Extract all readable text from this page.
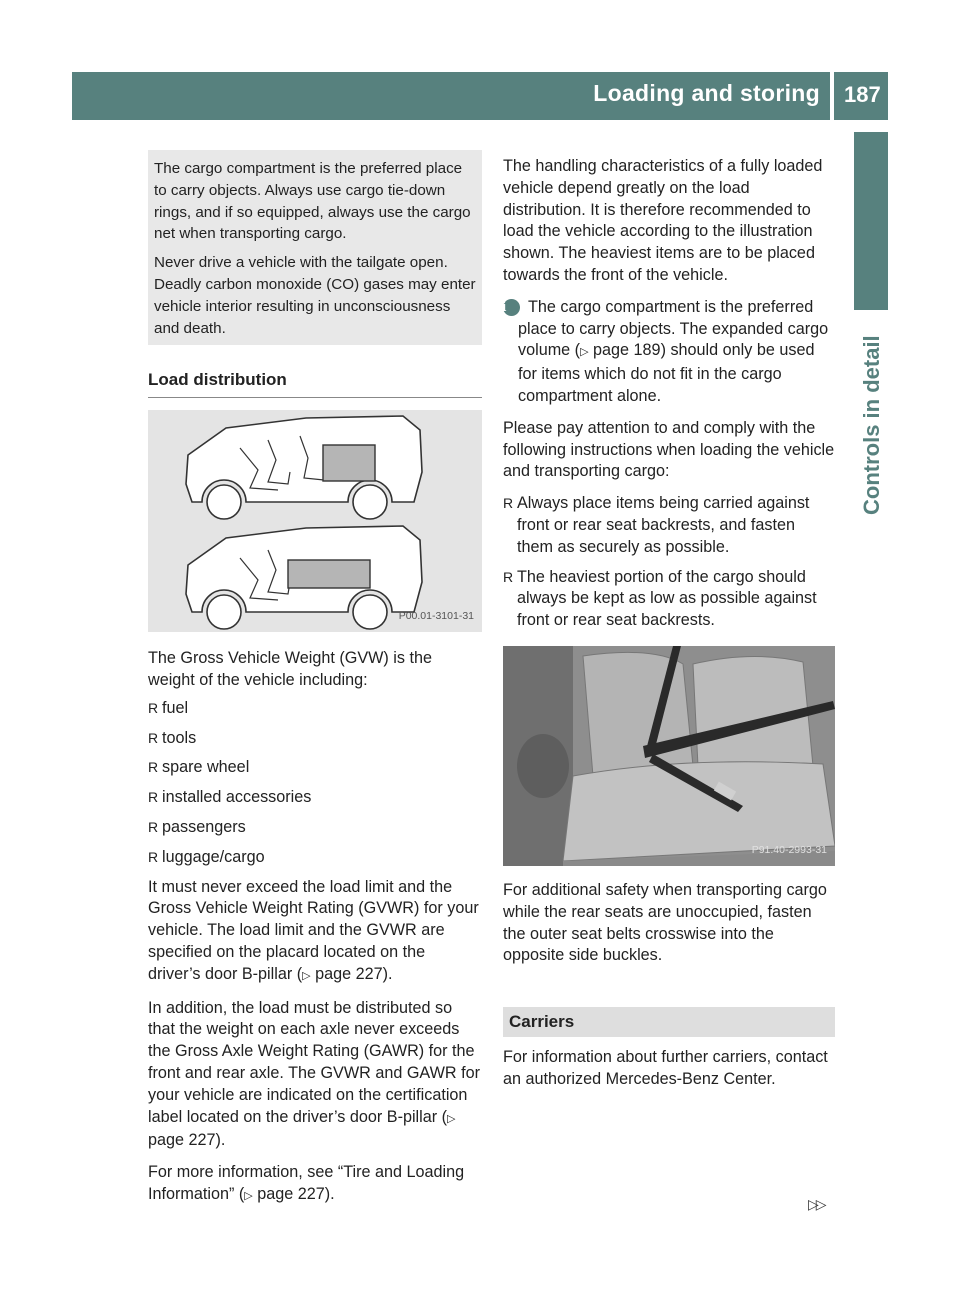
Loading and storing 187
Controls in detail

The cargo compartment is the preferred place to carry objects. Always use cargo tie-down rings, and if so equipped, always use the cargo net when transporting cargo.

Never drive a vehicle with the tailgate open. Deadly carbon monoxide (CO) gases may enter vehicle interior resulting in unconsciousness and death.

Load distribution
P00.01-3101-31

The Gross Vehicle Weight (GVW) is the weight of the vehicle including:

R fuel
R tools
R spare wheel
R installed accessories
R passengers
R luggage/cargo

It must never exceed the load limit and the Gross Vehicle Weight Rating (GVWR) for your vehicle. The load limit and the GVWR are specified on the placard located on the driver’s door B-pillar (▷ page 227).

In addition, the load must be distributed so that the weight on each axle never exceeds the Gross Axle Weight Rating (GAWR) for the front and rear axle. The GVWR and GAWR for your vehicle are indicated on the certification label located on the driver’s door B-pillar (▷ page 227).

For more information, see “Tire and Loading Information” (▷ page 227).

The handling characteristics of a fully loaded vehicle depend greatly on the load distribution. It is therefore recommended to load the vehicle according to the illustration shown. The heaviest items are to be placed towards the front of the vehicle.

i The cargo compartment is the preferred place to carry objects. The expanded cargo volume (▷ page 189) should only be used for items which do not fit in the cargo compartment alone.

Please pay attention to and comply with the following instructions when loading the vehicle and transporting cargo:

R Always place items being carried against front or rear seat backrests, and fasten them as securely as possible.
R The heaviest portion of the cargo should always be kept as low as possible against front or rear seat backrests.
P91.40-2993-31

For additional safety when transporting cargo while the rear seats are unoccupied, fasten the outer seat belts crosswise into the opposite side buckles.

Carriers

For information about further carriers, contact an authorized Mercedes-Benz Center.

▷▷
